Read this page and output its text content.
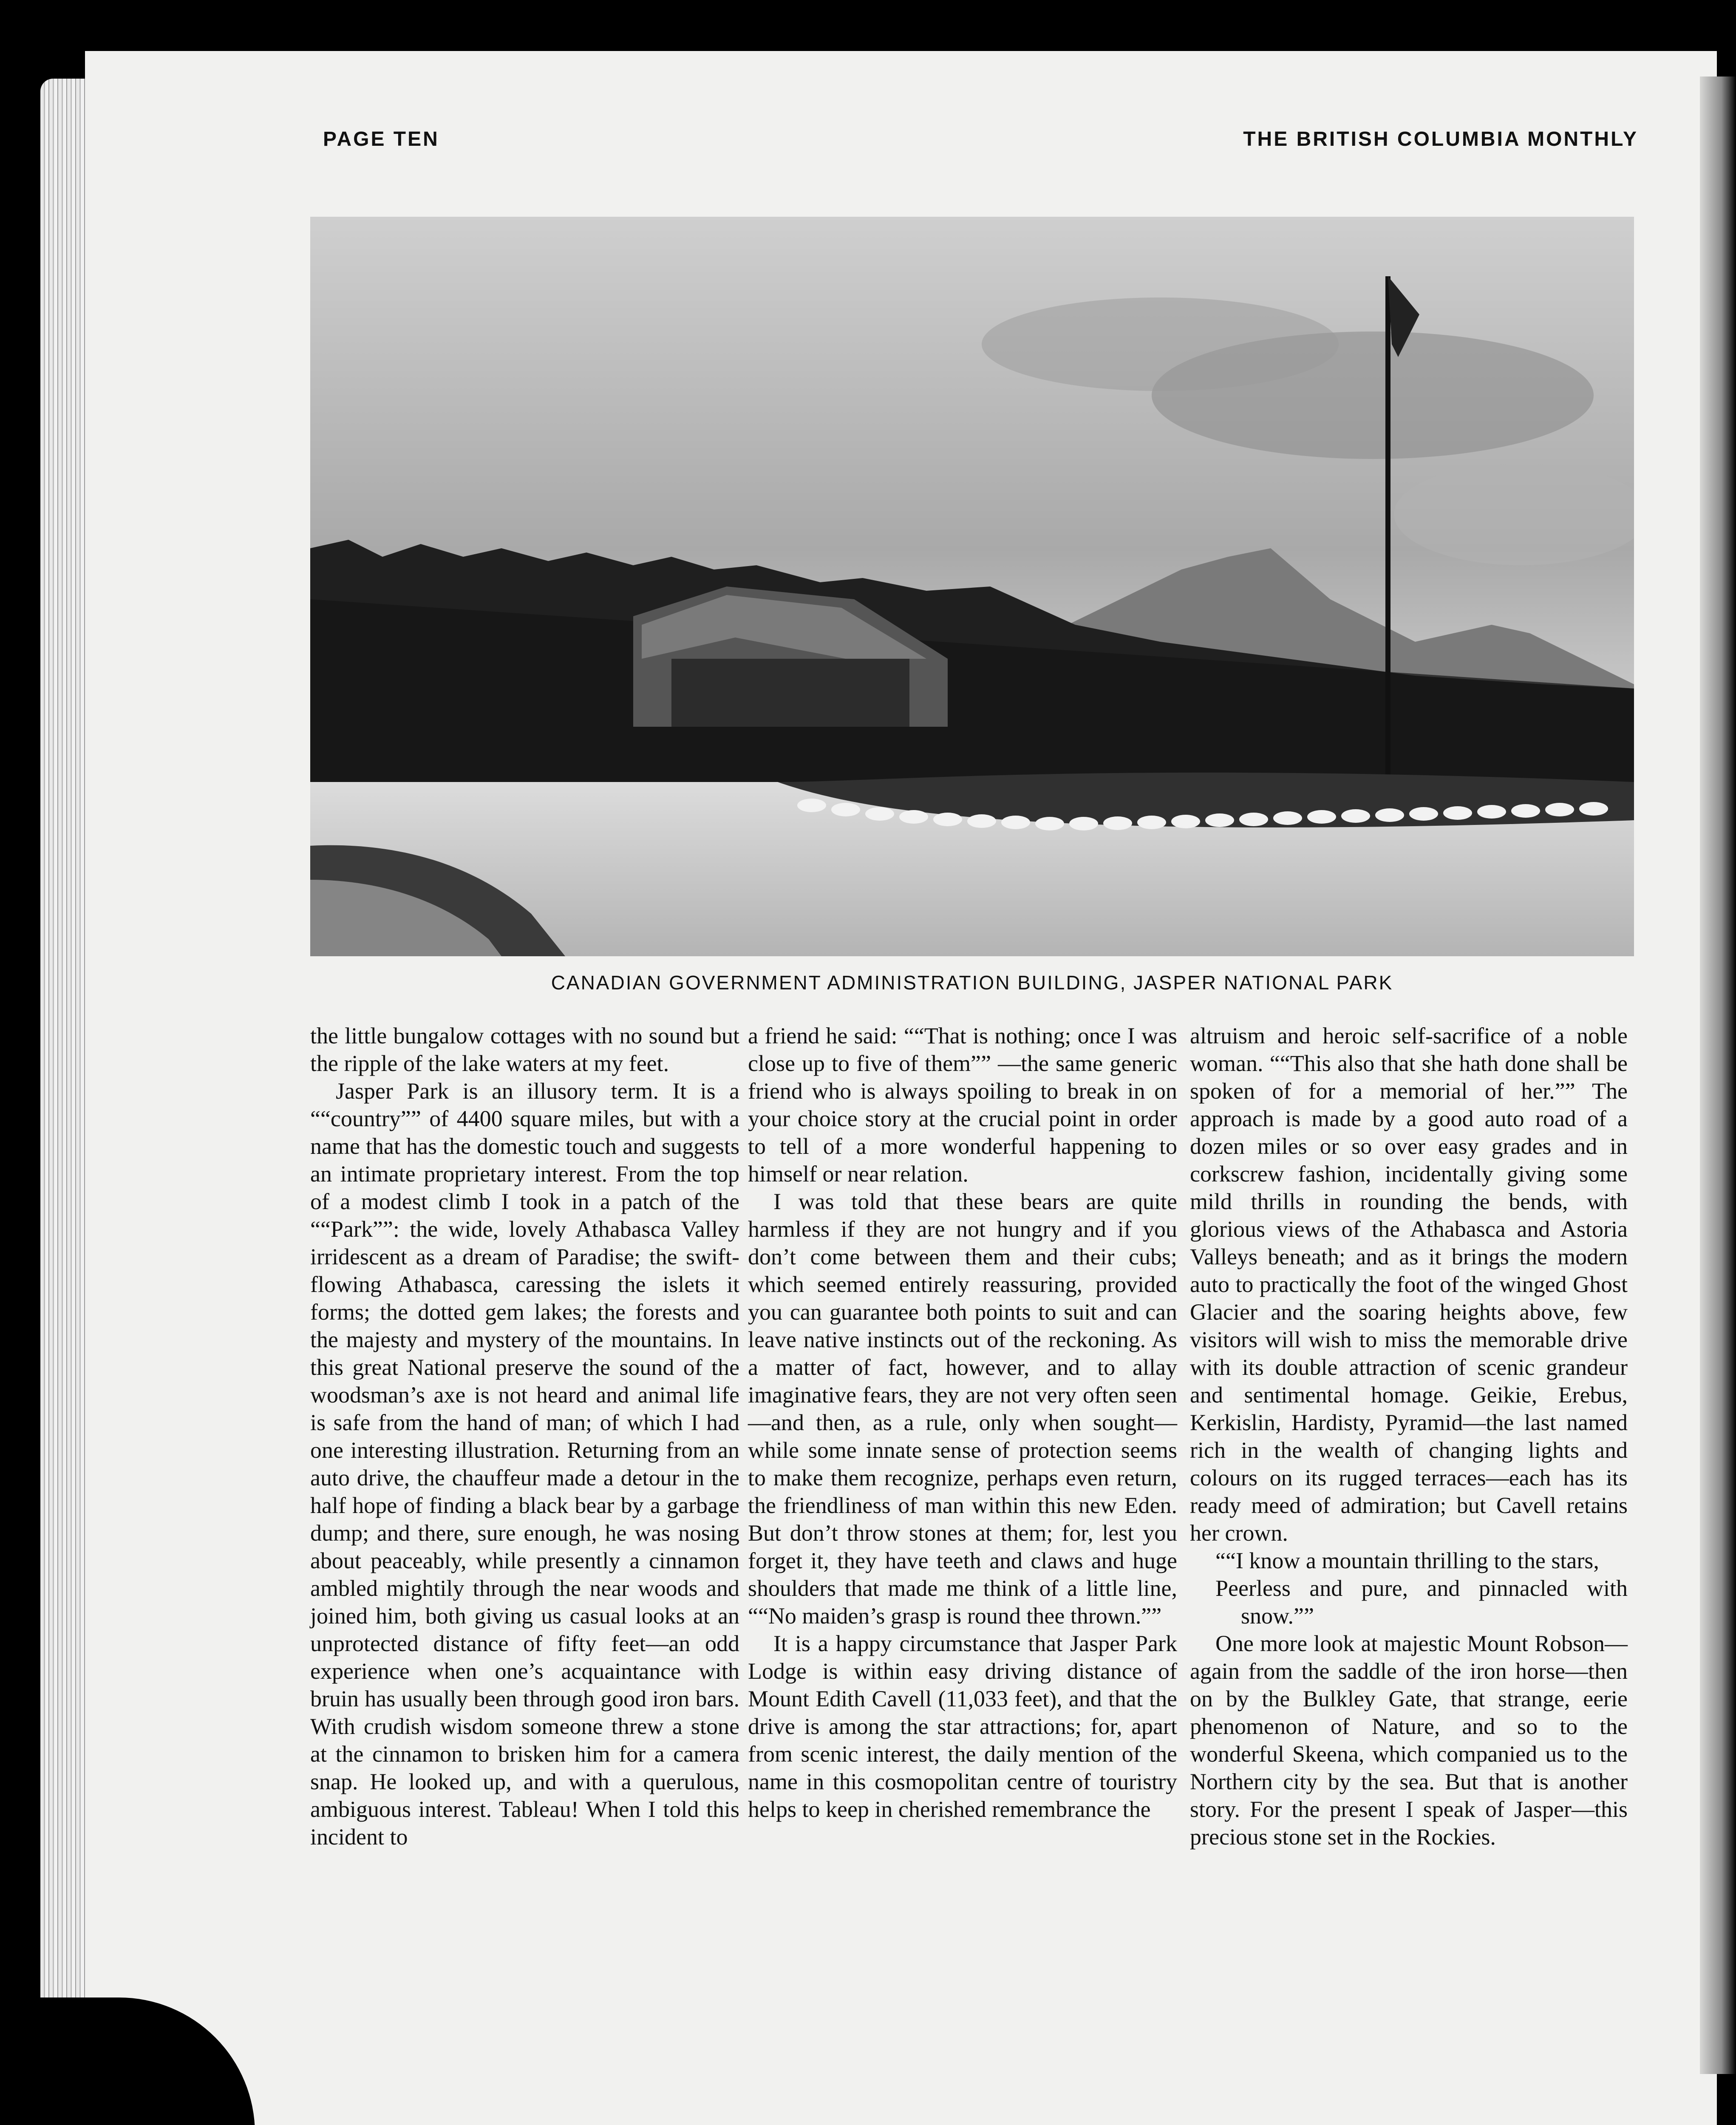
PAGE TEN	THE BRITISH COLUMBIA MONTHLY
CANADIAN GOVERNMENT ADMINISTRATION BUILDING, JASPER NATIONAL PARK

the little bungalow cottages with no sound but the ripple of the lake waters at my feet.

Jasper Park is an illusory term. It is a ““country”” of 4400 square miles, but with a name that has the domestic touch and suggests an intimate proprietary interest. From the top of a modest climb I took in a patch of the ““Park””: the wide, lovely Athabasca Valley irridescent as a dream of Paradise; the swift-flowing Athabasca, caressing the islets it forms; the dotted gem lakes; the forests and the majesty and mystery of the mountains. In this great National preserve the sound of the woodsman’s axe is not heard and animal life is safe from the hand of man; of which I had one interesting illustration. Returning from an auto drive, the chauffeur made a detour in the half hope of finding a black bear by a garbage dump; and there, sure enough, he was nosing about peaceably, while presently a cinnamon ambled mightily through the near woods and joined him, both giving us casual looks at an unprotected distance of fifty feet—an odd experience when one’s acquaintance with bruin has usually been through good iron bars. With crudish wisdom someone threw a stone at the cinnamon to brisken him for a camera snap. He looked up, and with a querulous, ambiguous interest. Tableau! When I told this incident to

a friend he said: ““That is nothing; once I was close up to five of them”” —the same generic friend who is always spoiling to break in on your choice story at the crucial point in order to tell of a more wonderful happening to himself or near relation.

I was told that these bears are quite harmless if they are not hungry and if you don’t come between them and their cubs; which seemed entirely reassuring, provided you can guarantee both points to suit and can leave native instincts out of the reckoning. As a matter of fact, however, and to allay imaginative fears, they are not very often seen—and then, as a rule, only when sought—while some innate sense of protection seems to make them recognize, perhaps even return, the friendliness of man within this new Eden. But don’t throw stones at them; for, lest you forget it, they have teeth and claws and huge shoulders that made me think of a little line, ““No maiden’s grasp is round thee thrown.””

It is a happy circumstance that Jasper Park Lodge is within easy driving distance of Mount Edith Cavell (11,033 feet), and that the drive is among the star attractions; for, apart from scenic interest, the daily mention of the name in this cosmopolitan centre of touristry helps to keep in cherished remembrance the

altruism and heroic self-sacrifice of a noble woman. ““This also that she hath done shall be spoken of for a memorial of her.”” The approach is made by a good auto road of a dozen miles or so over easy grades and in corkscrew fashion, incidentally giving some mild thrills in rounding the bends, with glorious views of the Athabasca and Astoria Valleys beneath; and as it brings the modern auto to practically the foot of the winged Ghost Glacier and the soaring heights above, few visitors will wish to miss the memorable drive with its double attraction of scenic grandeur and sentimental homage. Geikie, Erebus, Kerkislin, Hardisty, Pyramid—the last named rich in the wealth of changing lights and colours on its rugged terraces—each has its ready meed of admiration; but Cavell retains her crown.

““I know a mountain thrilling to the stars,
Peerless and pure, and pinnacled with snow.””

One more look at majestic Mount Robson—again from the saddle of the iron horse—then on by the Bulkley Gate, that strange, eerie phenomenon of Nature, and so to the wonderful Skeena, which companied us to the Northern city by the sea. But that is another story. For the present I speak of Jasper—this precious stone set in the Rockies.
